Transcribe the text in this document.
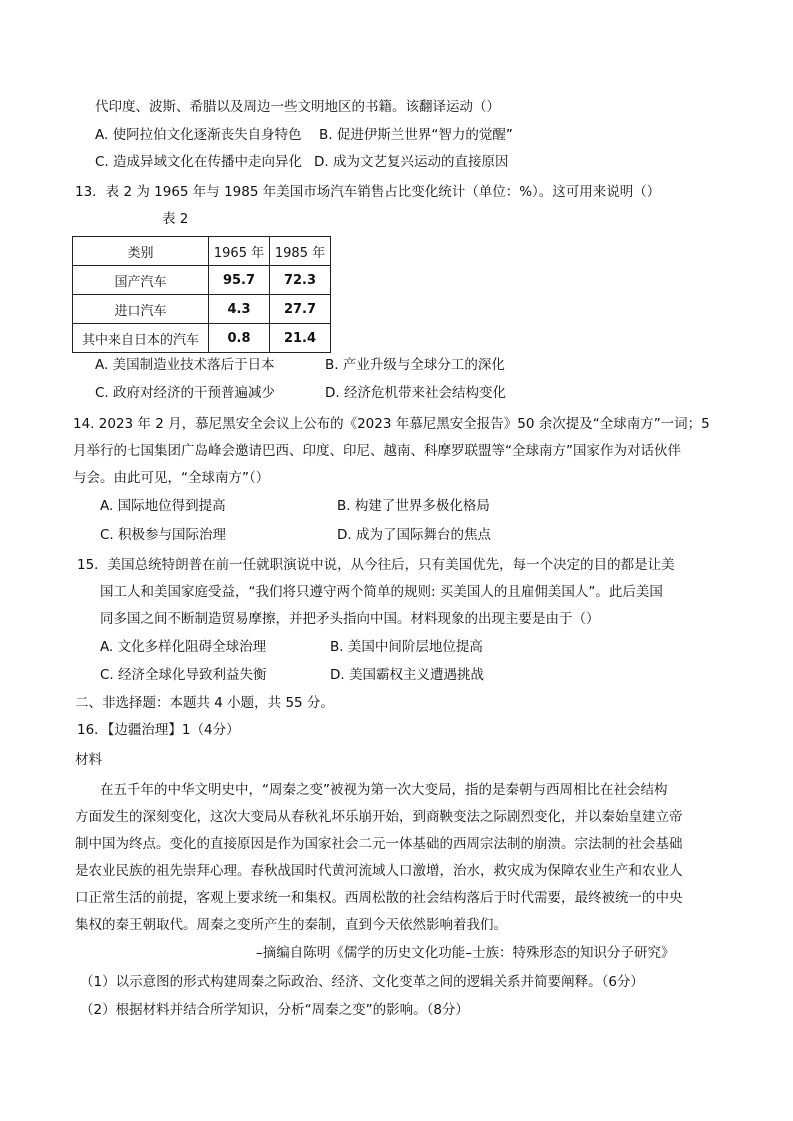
代印度、波斯、希腊以及周边一些文明地区的书籍。该翻译运动（）
A. 使阿拉伯文化逐渐丧失自身特色 B. 促进伊斯兰世界“智力的觉醒”
C. 造成异域文化在传播中走向异化 D. 成为文艺复兴运动的直接原因
13．表 2 为 1965 年与 1985 年美国市场汽车销售占比变化统计（单位：%）。这可用来说明（）
表 2
类别	1965 年	1985 年
国产汽车	95.7	72.3
进口汽车	4.3	27.7
其中来自日本的汽车	0.8	21.4
A. 美国制造业技术落后于日本	B. 产业升级与全球分工的深化
C. 政府对经济的干预普遍减少	D. 经济危机带来社会结构变化
14. 2023 年 2 月，慕尼黑安全会议上公布的《2023 年慕尼黑安全报告》50 余次提及“全球南方”一词；5
月举行的七国集团广岛峰会邀请巴西、印度、印尼、越南、科摩罗联盟等“全球南方”国家作为对话伙伴
与会。由此可见，“全球南方”（）
A. 国际地位得到提高	B. 构建了世界多极化格局
C. 积极参与国际治理	D. 成为了国际舞台的焦点
15．美国总统特朗普在前一任就职演说中说，从今往后，只有美国优先，每一个决定的目的都是让美
国工人和美国家庭受益，“我们将只遵守两个简单的规则: 买美国人的且雇佣美国人”。此后美国
同多国之间不断制造贸易摩擦，并把矛头指向中国。材料现象的出现主要是由于（）
A. 文化多样化阻碍全球治理	B. 美国中间阶层地位提高
C. 经济全球化导致利益失衡	D. 美国霸权主义遭遇挑战
二、非选择题：本题共 4 小题，共 55 分。
16．【边疆治理】1（4分）
材料
在五千年的中华文明史中，“周秦之变”被视为第一次大变局，指的是秦朝与西周相比在社会结构
方面发生的深刻变化，这次大变局从春秋礼坏乐崩开始，到商鞅变法之际剧烈变化，并以秦始皇建立帝
制中国为终点。变化的直接原因是作为国家社会二元一体基础的西周宗法制的崩溃。宗法制的社会基础
是农业民族的祖先崇拜心理。春秋战国时代黄河流域人口激增，治水，救灾成为保障农业生产和农业人
口正常生活的前提，客观上要求统一和集权。西周松散的社会结构落后于时代需要，最终被统一的中央
集权的秦王朝取代。周秦之变所产生的秦制，直到今天依然影响着我们。
–摘编自陈明《儒学的历史文化功能–士族：特殊形态的知识分子研究》
（1）以示意图的形式构建周秦之际政治、经济、文化变革之间的逻辑关系并简要阐释。（6分）
（2）根据材料并结合所学知识，分析“周秦之变”的影响。（8分）
